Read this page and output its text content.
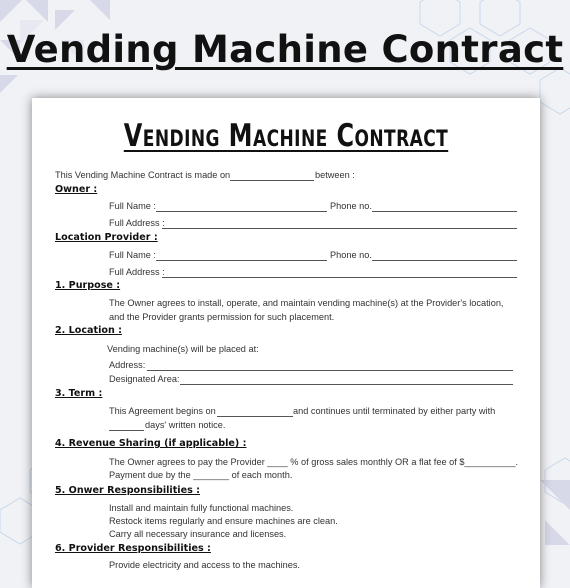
Vending Machine Contract
Vending Machine Contract
This Vending Machine Contract is made on	between :
Owner :
Full Name :	Phone no.
Full Address :
Location Provider :
Full Name :	Phone no.
Full Address :
1. Purpose :
The Owner agrees to install, operate, and maintain vending machine(s) at the Provider's location,
and the Provider grants permission for such placement.
2. Location :
Vending machine(s) will be placed at:
Address:
Designated Area:
3. Term :
This Agreement begins on	and continues until terminated by either party with
days' written notice.
4. Revenue Sharing (if applicable) :
The Owner agrees to pay the Provider ____ % of gross sales monthly OR a flat fee of $__________.
Payment due by the _______ of each month.
5. Onwer Responsibilities :
Install and maintain fully functional machines.
Restock items regularly and ensure machines are clean.
Carry all necessary insurance and licenses.
6. Provider Responsibilities :
Provide electricity and access to the machines.
